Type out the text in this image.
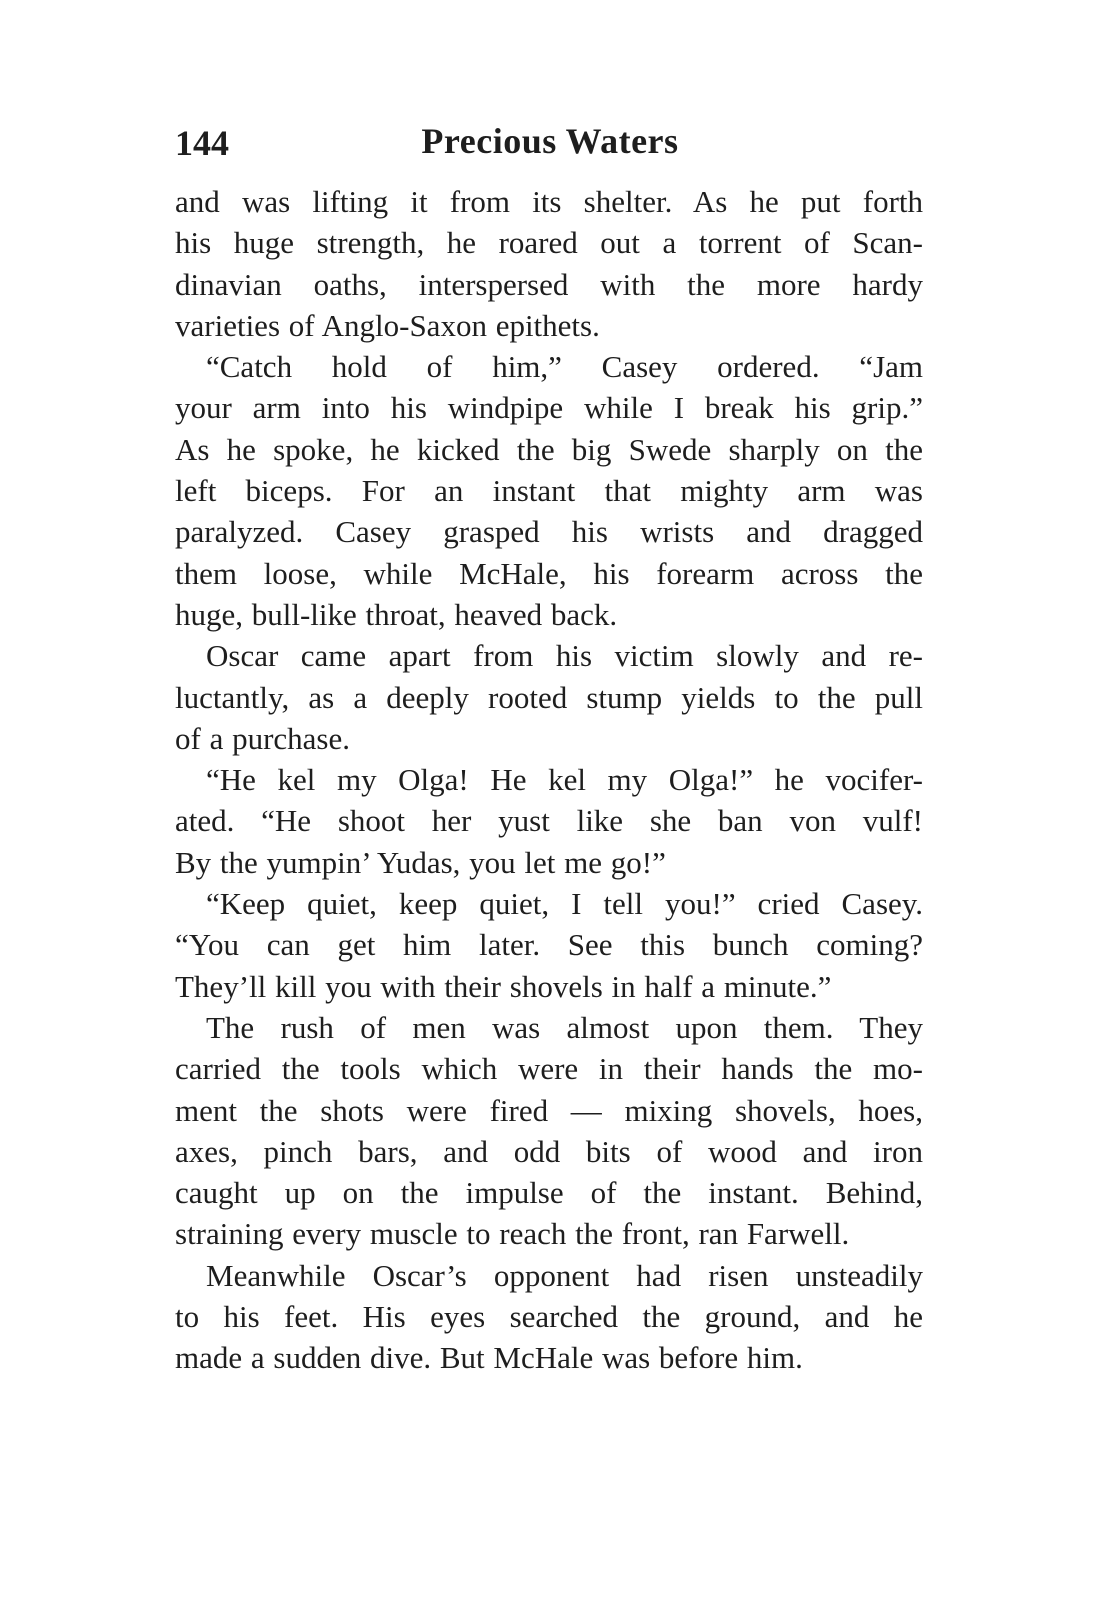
144	Precious Waters
and was lifting it from its shelter. As he put forth
his huge strength, he roared out a torrent of Scan-
dinavian oaths, interspersed with the more hardy
varieties of Anglo-Saxon epithets.
“Catch hold of him,” Casey ordered. “Jam
your arm into his windpipe while I break his grip.”
As he spoke, he kicked the big Swede sharply on the
left biceps. For an instant that mighty arm was
paralyzed. Casey grasped his wrists and dragged
them loose, while McHale, his forearm across the
huge, bull-like throat, heaved back.
Oscar came apart from his victim slowly and re-
luctantly, as a deeply rooted stump yields to the pull
of a purchase.
“He kel my Olga! He kel my Olga!” he vocifer-
ated. “He shoot her yust like she ban von vulf!
By the yumpin’ Yudas, you let me go!”
“Keep quiet, keep quiet, I tell you!” cried Casey.
“You can get him later. See this bunch coming?
They’ll kill you with their shovels in half a minute.”
The rush of men was almost upon them. They
carried the tools which were in their hands the mo-
ment the shots were fired — mixing shovels, hoes,
axes, pinch bars, and odd bits of wood and iron
caught up on the impulse of the instant. Behind,
straining every muscle to reach the front, ran Farwell.
Meanwhile Oscar’s opponent had risen unsteadily
to his feet. His eyes searched the ground, and he
made a sudden dive. But McHale was before him.
